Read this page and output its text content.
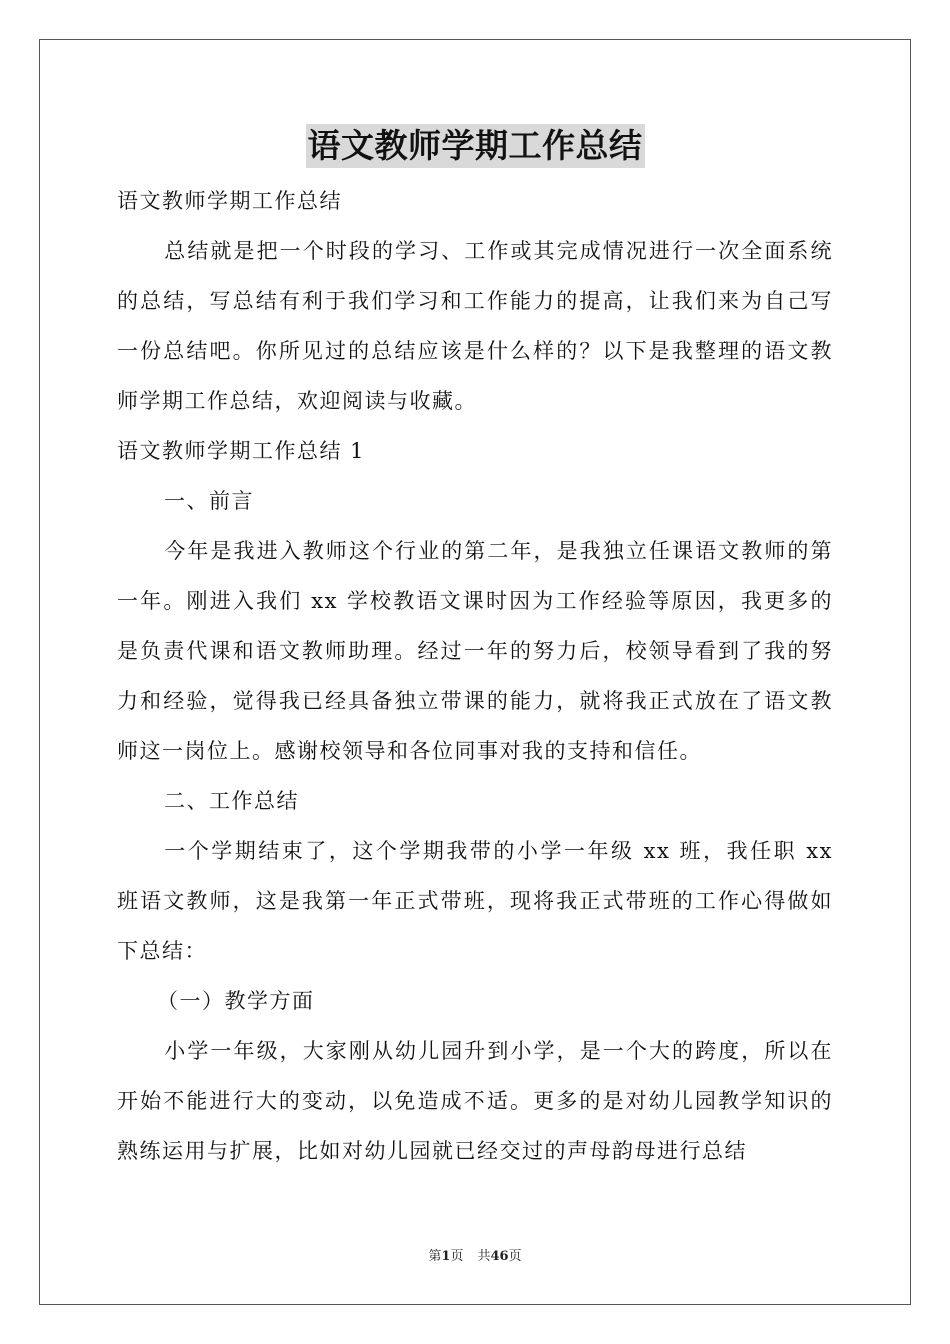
语文教师学期工作总结

语文教师学期工作总结

总结就是把一个时段的学习、工作或其完成情况进行一次全面系统的总结，写总结有利于我们学习和工作能力的提高，让我们来为自己写一份总结吧。你所见过的总结应该是什么样的？以下是我整理的语文教师学期工作总结，欢迎阅读与收藏。

语文教师学期工作总结 1

一、前言

今年是我进入教师这个行业的第二年，是我独立任课语文教师的第一年。刚进入我们 xx 学校教语文课时因为工作经验等原因，我更多的是负责代课和语文教师助理。经过一年的努力后，校领导看到了我的努力和经验，觉得我已经具备独立带课的能力，就将我正式放在了语文教师这一岗位上。感谢校领导和各位同事对我的支持和信任。

二、工作总结

一个学期结束了，这个学期我带的小学一年级 xx 班，我任职 xx 班语文教师，这是我第一年正式带班，现将我正式带班的工作心得做如下总结：

（一）教学方面

小学一年级，大家刚从幼儿园升到小学，是一个大的跨度，所以在开始不能进行大的变动，以免造成不适。更多的是对幼儿园教学知识的熟练运用与扩展，比如对幼儿园就已经交过的声母韵母进行总结

第1页 共46页
